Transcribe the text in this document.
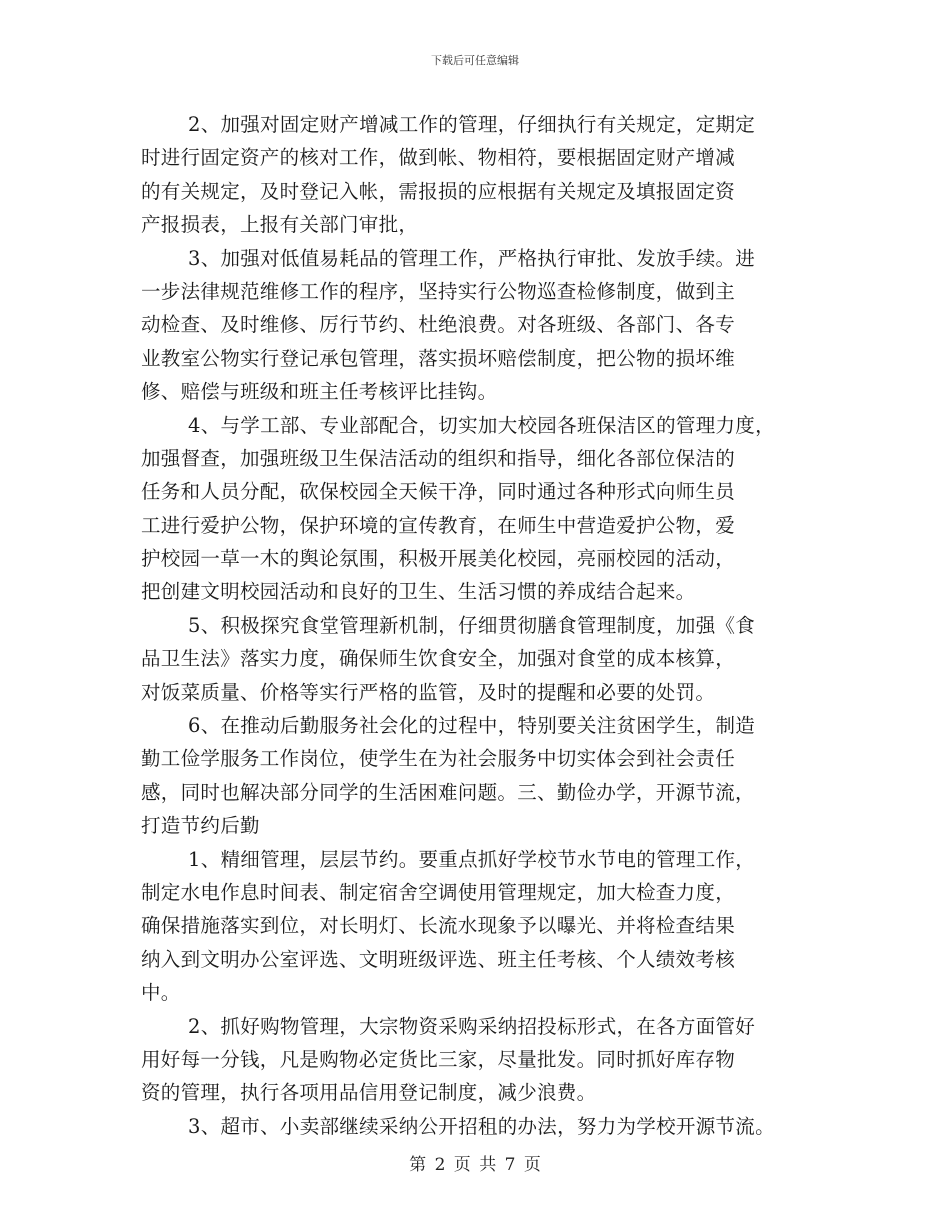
下载后可任意编辑
2、加强对固定财产增减工作的管理，仔细执行有关规定，定期定
时进行固定资产的核对工作，做到帐、物相符，要根据固定财产增减
的有关规定，及时登记入帐，需报损的应根据有关规定及填报固定资
产报损表，上报有关部门审批，
3、加强对低值易耗品的管理工作，严格执行审批、发放手续。进
一步法律规范维修工作的程序，坚持实行公物巡查检修制度，做到主
动检查、及时维修、厉行节约、杜绝浪费。对各班级、各部门、各专
业教室公物实行登记承包管理，落实损坏赔偿制度，把公物的损坏维
修、赔偿与班级和班主任考核评比挂钩。
4、与学工部、专业部配合，切实加大校园各班保洁区的管理力度，
加强督查，加强班级卫生保洁活动的组织和指导，细化各部位保洁的
任务和人员分配，砍保校园全天候干净，同时通过各种形式向师生员
工进行爱护公物，保护环境的宣传教育，在师生中营造爱护公物，爱
护校园一草一木的舆论氛围，积极开展美化校园，亮丽校园的活动，
把创建文明校园活动和良好的卫生、生活习惯的养成结合起来。
5、积极探究食堂管理新机制，仔细贯彻膳食管理制度，加强《食
品卫生法》落实力度，确保师生饮食安全，加强对食堂的成本核算，
对饭菜质量、价格等实行严格的监管，及时的提醒和必要的处罚。
6、在推动后勤服务社会化的过程中，特别要关注贫困学生，制造
勤工俭学服务工作岗位，使学生在为社会服务中切实体会到社会责任
感，同时也解决部分同学的生活困难问题。三、勤俭办学，开源节流，
打造节约后勤
1、精细管理，层层节约。要重点抓好学校节水节电的管理工作，
制定水电作息时间表、制定宿舍空调使用管理规定，加大检查力度，
确保措施落实到位，对长明灯、长流水现象予以曝光、并将检查结果
纳入到文明办公室评选、文明班级评选、班主任考核、个人绩效考核
中。
2、抓好购物管理，大宗物资采购采纳招投标形式，在各方面管好
用好每一分钱，凡是购物必定货比三家，尽量批发。同时抓好库存物
资的管理，执行各项用品信用登记制度，减少浪费。
3、超市、小卖部继续采纳公开招租的办法，努力为学校开源节流。
第 2 页 共 7 页
